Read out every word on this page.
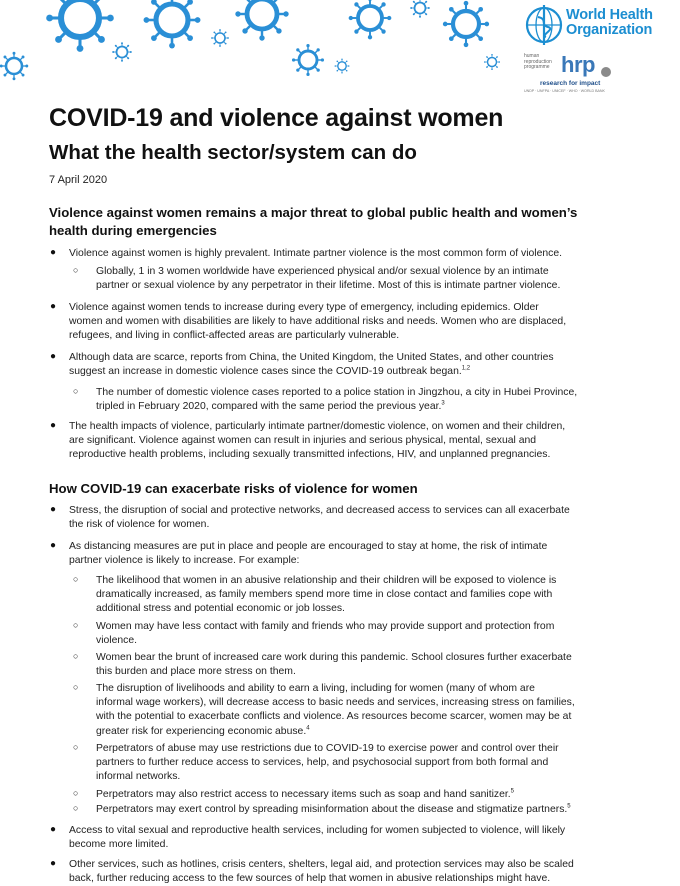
World Health
Organization
human reproduction programme hrp
research for impact
UNDP · UNFPA · UNICEF · WHO · WORLD BANK
COVID-19 and violence against women
What the health sector/system can do
7 April 2020
Violence against women remains a major threat to global public health and women’s
health during emergencies
● Violence against women is highly prevalent. Intimate partner violence is the most common form of violence.
○ Globally, 1 in 3 women worldwide have experienced physical and/or sexual violence by an intimate
partner or sexual violence by any perpetrator in their lifetime. Most of this is intimate partner violence.
● Violence against women tends to increase during every type of emergency, including epidemics. Older
women and women with disabilities are likely to have additional risks and needs. Women who are displaced,
refugees, and living in conflict-affected areas are particularly vulnerable.
● Although data are scarce, reports from China, the United Kingdom, the United States, and other countries
suggest an increase in domestic violence cases since the COVID-19 outbreak began.$^{1,2}$
○ The number of domestic violence cases reported to a police station in Jingzhou, a city in Hubei Province,
tripled in February 2020, compared with the same period the previous year.$^3$
● The health impacts of violence, particularly intimate partner/domestic violence, on women and their children,
are significant. Violence against women can result in injuries and serious physical, mental, sexual and
reproductive health problems, including sexually transmitted infections, HIV, and unplanned pregnancies.
How COVID-19 can exacerbate risks of violence for women
● Stress, the disruption of social and protective networks, and decreased access to services can all exacerbate
the risk of violence for women.
● As distancing measures are put in place and people are encouraged to stay at home, the risk of intimate
partner violence is likely to increase. For example:
○ The likelihood that women in an abusive relationship and their children will be exposed to violence is
dramatically increased, as family members spend more time in close contact and families cope with
additional stress and potential economic or job losses.
○ Women may have less contact with family and friends who may provide support and protection from
violence.
○ Women bear the brunt of increased care work during this pandemic. School closures further exacerbate
this burden and place more stress on them.
○ The disruption of livelihoods and ability to earn a living, including for women (many of whom are
informal wage workers), will decrease access to basic needs and services, increasing stress on families,
with the potential to exacerbate conflicts and violence. As resources become scarcer, women may be at
greater risk for experiencing economic abuse.$^4$
○ Perpetrators of abuse may use restrictions due to COVID-19 to exercise power and control over their
partners to further reduce access to services, help, and psychosocial support from both formal and
informal networks.
○ Perpetrators may also restrict access to necessary items such as soap and hand sanitizer.$^5$
○ Perpetrators may exert control by spreading misinformation about the disease and stigmatize partners.$^5$
● Access to vital sexual and reproductive health services, including for women subjected to violence, will likely
become more limited.
● Other services, such as hotlines, crisis centers, shelters, legal aid, and protection services may also be scaled
back, further reducing access to the few sources of help that women in abusive relationships might have.
